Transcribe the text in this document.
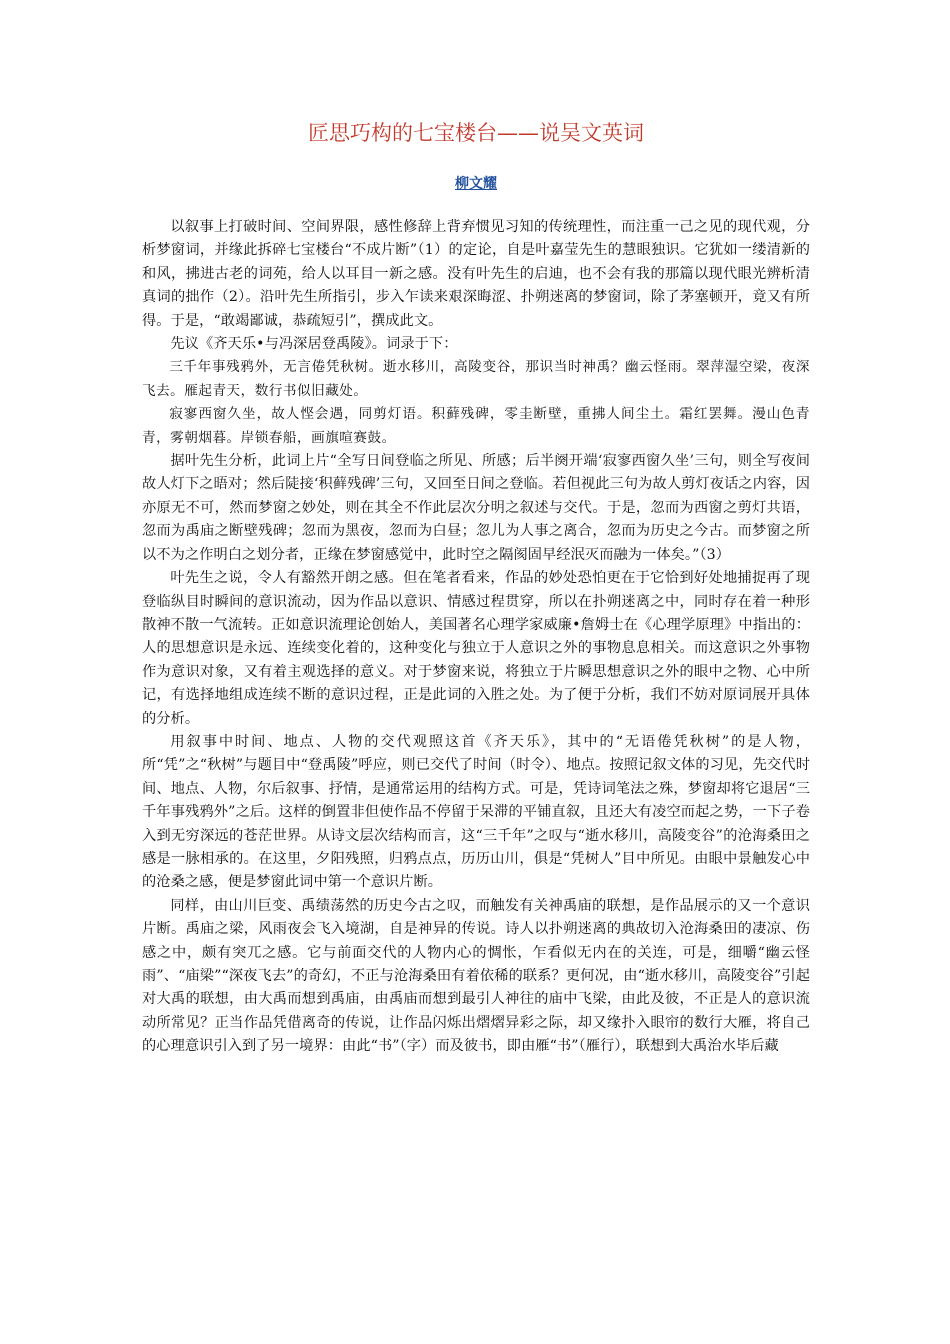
匠思巧构的七宝楼台——说吴文英词
柳文耀

以叙事上打破时间、空间界限，感性修辞上背弃惯见习知的传统理性，而注重一己之见的现代观，分析梦窗词，并缘此拆碎七宝楼台“不成片断”（1）的定论，自是叶嘉莹先生的慧眼独识。它犹如一缕清新的和风，拂进古老的词苑，给人以耳目一新之感。没有叶先生的启迪，也不会有我的那篇以现代眼光辨析清真词的拙作（2）。沿叶先生所指引，步入乍读来艰深晦涩、扑朔迷离的梦窗词，除了茅塞顿开，竟又有所得。于是，“敢竭鄙诚，恭疏短引”，撰成此文。

先议《齐天乐•与冯深居登禹陵》。词录于下：

三千年事残鸦外，无言倦凭秋树。逝水移川，高陵变谷，那识当时神禹？幽云怪雨。翠萍湿空梁，夜深飞去。雁起青天，数行书似旧藏处。

寂寥西窗久坐，故人悭会遇，同剪灯语。积藓残碑，零圭断壁，重拂人间尘土。霜红罢舞。漫山色青青，雾朝烟暮。岸锁春船，画旗喧赛鼓。

据叶先生分析，此词上片“全写日间登临之所见、所感；后半阕开端‘寂寥西窗久坐’三句，则全写夜间故人灯下之晤对；然后陡接‘积藓残碑’三句，又回至日间之登临。若但视此三句为故人剪灯夜话之内容，因亦原无不可，然而梦窗之妙处，则在其全不作此层次分明之叙述与交代。于是，忽而为西窗之剪灯共语，忽而为禹庙之断壁残碑；忽而为黑夜，忽而为白昼；忽儿为人事之离合，忽而为历史之今古。而梦窗之所以不为之作明白之划分者，正缘在梦窗感觉中，此时空之隔阂固早经泯灭而融为一体矣。”（3）

叶先生之说，令人有豁然开朗之感。但在笔者看来，作品的妙处恐怕更在于它恰到好处地捕捉再了现登临纵目时瞬间的意识流动，因为作品以意识、情感过程贯穿，所以在扑朔迷离之中，同时存在着一种形散神不散一气流转。正如意识流理论创始人，美国著名心理学家威廉•詹姆士在《心理学原理》中指出的：人的思想意识是永远、连续变化着的，这种变化与独立于人意识之外的事物息息相关。而这意识之外事物作为意识对象，又有着主观选择的意义。对于梦窗来说，将独立于片瞬思想意识之外的眼中之物、心中所记，有选择地组成连续不断的意识过程，正是此词的入胜之处。为了便于分析，我们不妨对原词展开具体的分析。

用叙事中时间、地点、人物的交代观照这首《齐天乐》，其中的“无语倦凭秋树”的是人物，所“凭”之“秋树”与题目中“登禹陵”呼应，则已交代了时间（时令）、地点。按照记叙文体的习见，先交代时间、地点、人物，尔后叙事、抒情，是通常运用的结构方式。可是，凭诗词笔法之殊，梦窗却将它退居“三千年事残鸦外”之后。这样的倒置非但使作品不停留于呆滞的平铺直叙，且还大有凌空而起之势，一下子卷入到无穷深远的苍茫世界。从诗文层次结构而言，这“三千年”之叹与“逝水移川，高陵变谷”的沧海桑田之感是一脉相承的。在这里，夕阳残照，归鸦点点，历历山川，俱是“凭树人”目中所见。由眼中景触发心中的沧桑之感，便是梦窗此词中第一个意识片断。

同样，由山川巨变、禹绩荡然的历史今古之叹，而触发有关神禹庙的联想，是作品展示的又一个意识片断。禹庙之梁，风雨夜会飞入境湖，自是神异的传说。诗人以扑朔迷离的典故切入沧海桑田的凄凉、伤感之中，颇有突兀之感。它与前面交代的人物内心的惆怅，乍看似无内在的关连，可是，细嚼“幽云怪雨”、“庙梁”“深夜飞去”的奇幻，不正与沧海桑田有着依稀的联系？更何况，由“逝水移川，高陵变谷”引起对大禹的联想，由大禹而想到禹庙，由禹庙而想到最引人神往的庙中飞梁，由此及彼，不正是人的意识流动所常见？正当作品凭借离奇的传说，让作品闪烁出熠熠异彩之际，却又缘扑入眼帘的数行大雁，将自己的心理意识引入到了另一境界：由此“书”（字）而及彼书，即由雁“书”（雁行），联想到大禹治水毕后藏
